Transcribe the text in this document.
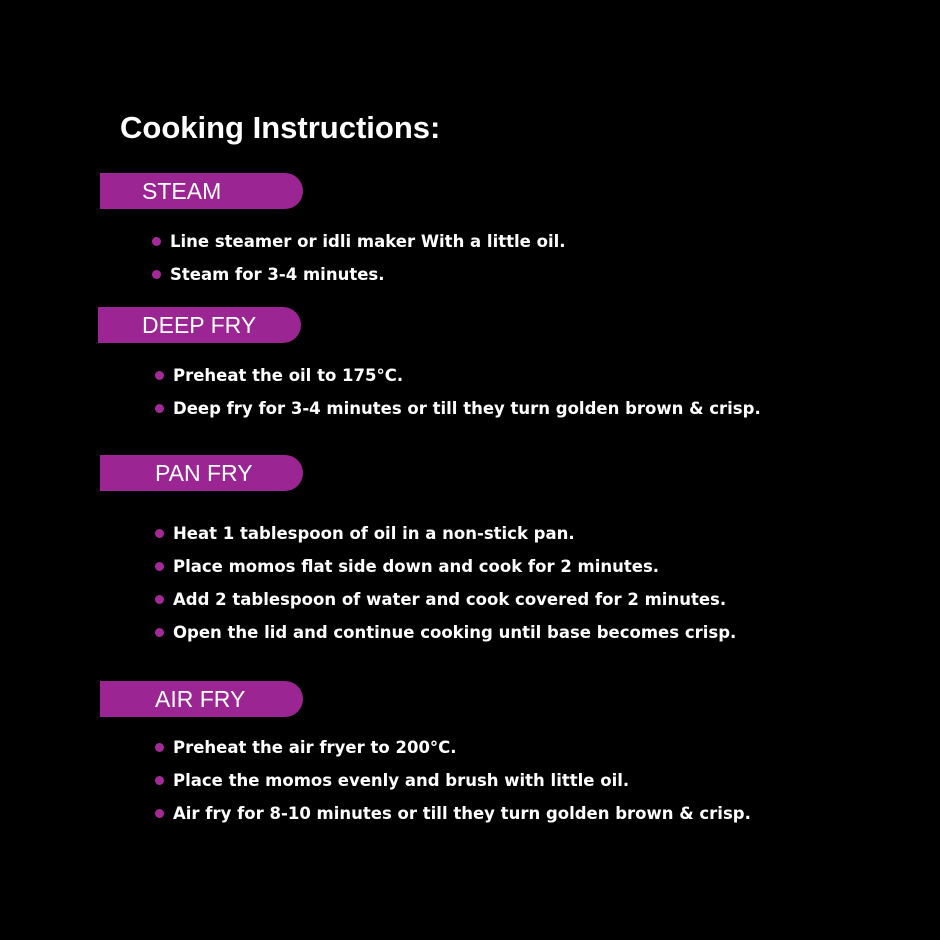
Cooking Instructions:
STEAM
Line steamer or idli maker With a little oil.
Steam for 3-4 minutes.
DEEP FRY
Preheat the oil to 175°C.
Deep fry for 3-4 minutes or till they turn golden brown & crisp.
PAN FRY
Heat 1 tablespoon of oil in a non-stick pan.
Place momos flat side down and cook for 2 minutes.
Add 2 tablespoon of water and cook covered for 2 minutes.
Open the lid and continue cooking until base becomes crisp.
AIR FRY
Preheat the air fryer to 200°C.
Place the momos evenly and brush with little oil.
Air fry for 8-10 minutes or till they turn golden brown & crisp.
